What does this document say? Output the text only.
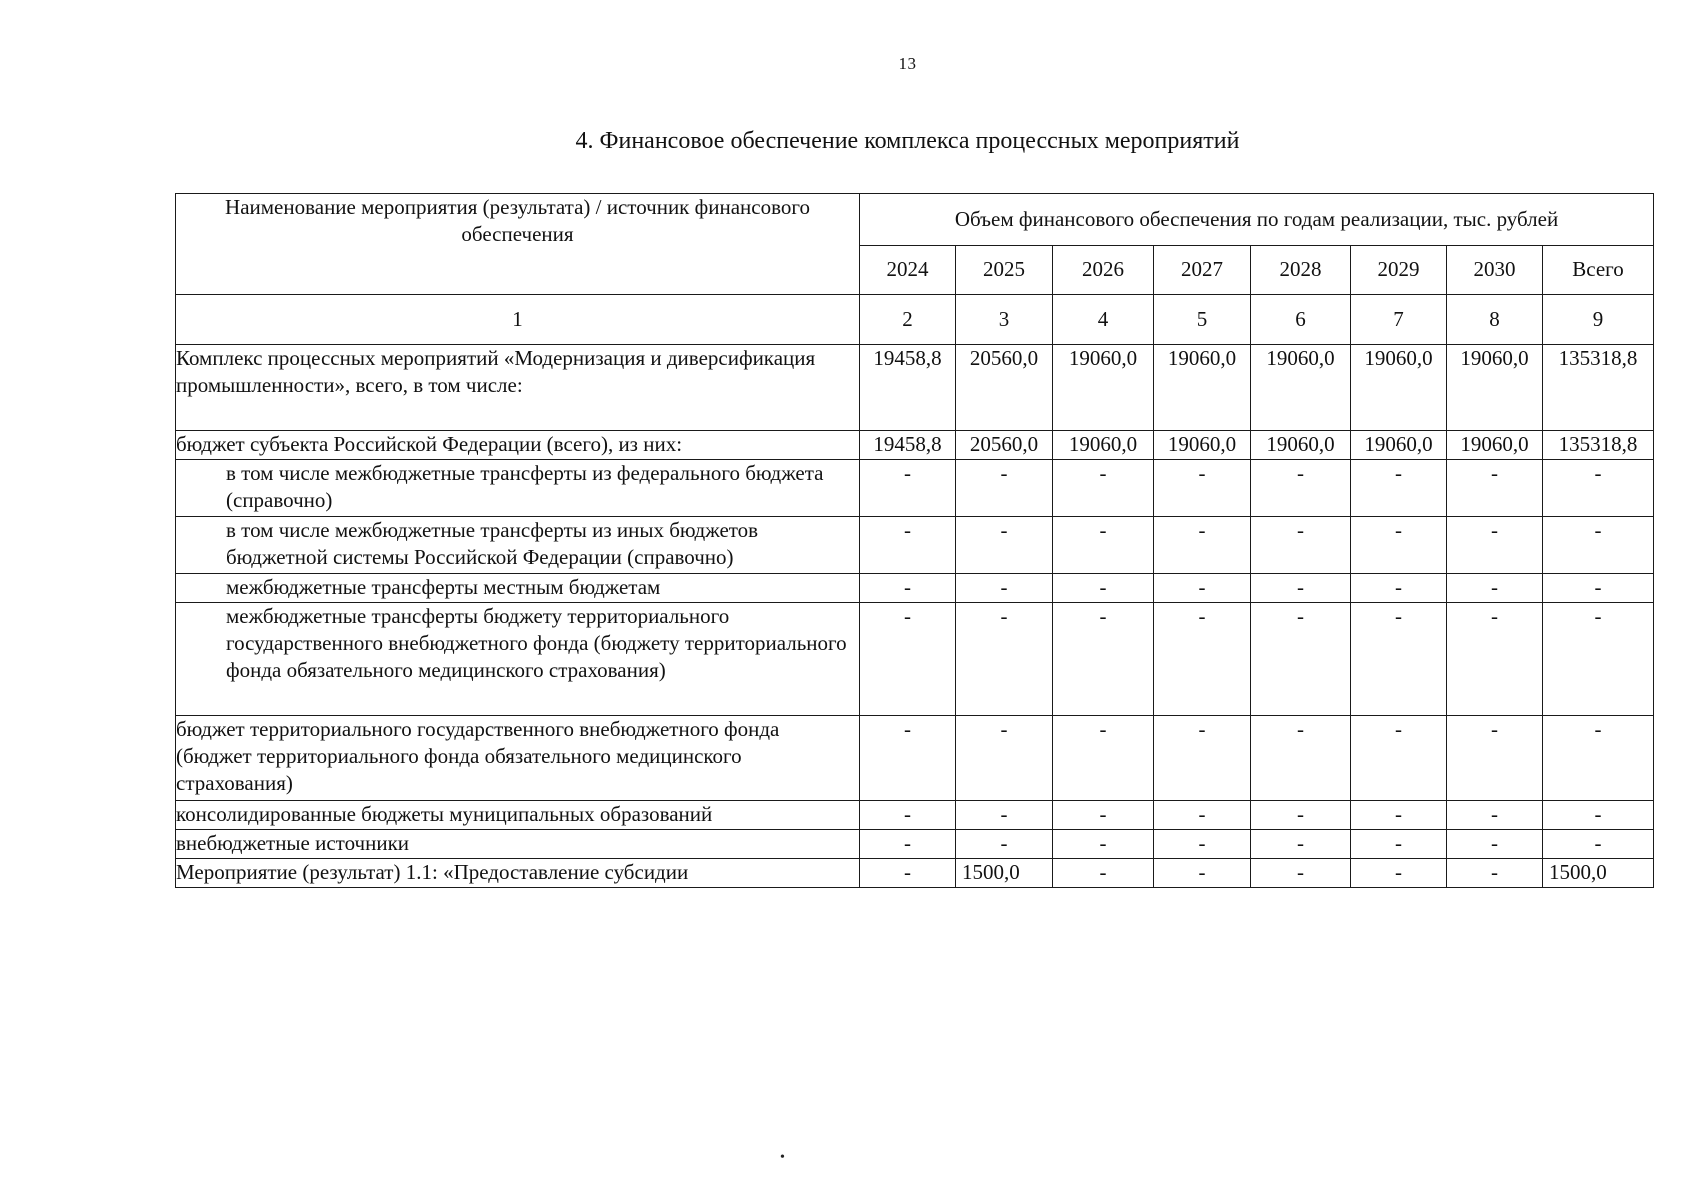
13
4. Финансовое обеспечение комплекса процессных мероприятий
Наименование мероприятия (результата) / источник финансового обеспечения	Объем финансового обеспечения по годам реализации, тыс. рублей							
	2024	2025	2026	2027	2028	2029	2030	Всего
1	2	3	4	5	6	7	8	9
Комплекс процессных мероприятий «Модернизация и диверсификация промышленности», всего, в том числе:	19458,8	20560,0	19060,0	19060,0	19060,0	19060,0	19060,0	135318,8
бюджет субъекта Российской Федерации (всего), из них:	19458,8	20560,0	19060,0	19060,0	19060,0	19060,0	19060,0	135318,8
в том числе межбюджетные трансферты из федерального бюджета (справочно)	-	-	-	-	-	-	-	-
в том числе межбюджетные трансферты из иных бюджетов бюджетной системы Российской Федерации (справочно)	-	-	-	-	-	-	-	-
межбюджетные трансферты местным бюджетам	-	-	-	-	-	-	-	-
межбюджетные трансферты бюджету территориального государственного внебюджетного фонда (бюджету территориального фонда обязательного медицинского страхования)	-	-	-	-	-	-	-	-
бюджет территориального государственного внебюджетного фонда (бюджет территориального фонда обязательного медицинского страхования)	-	-	-	-	-	-	-	-
консолидированные бюджеты муниципальных образований	-	-	-	-	-	-	-	-
внебюджетные источники	-	-	-	-	-	-	-	-
Мероприятие (результат) 1.1: «Предоставление субсидии	-	1500,0	-	-	-	-	-	1500,0
•
